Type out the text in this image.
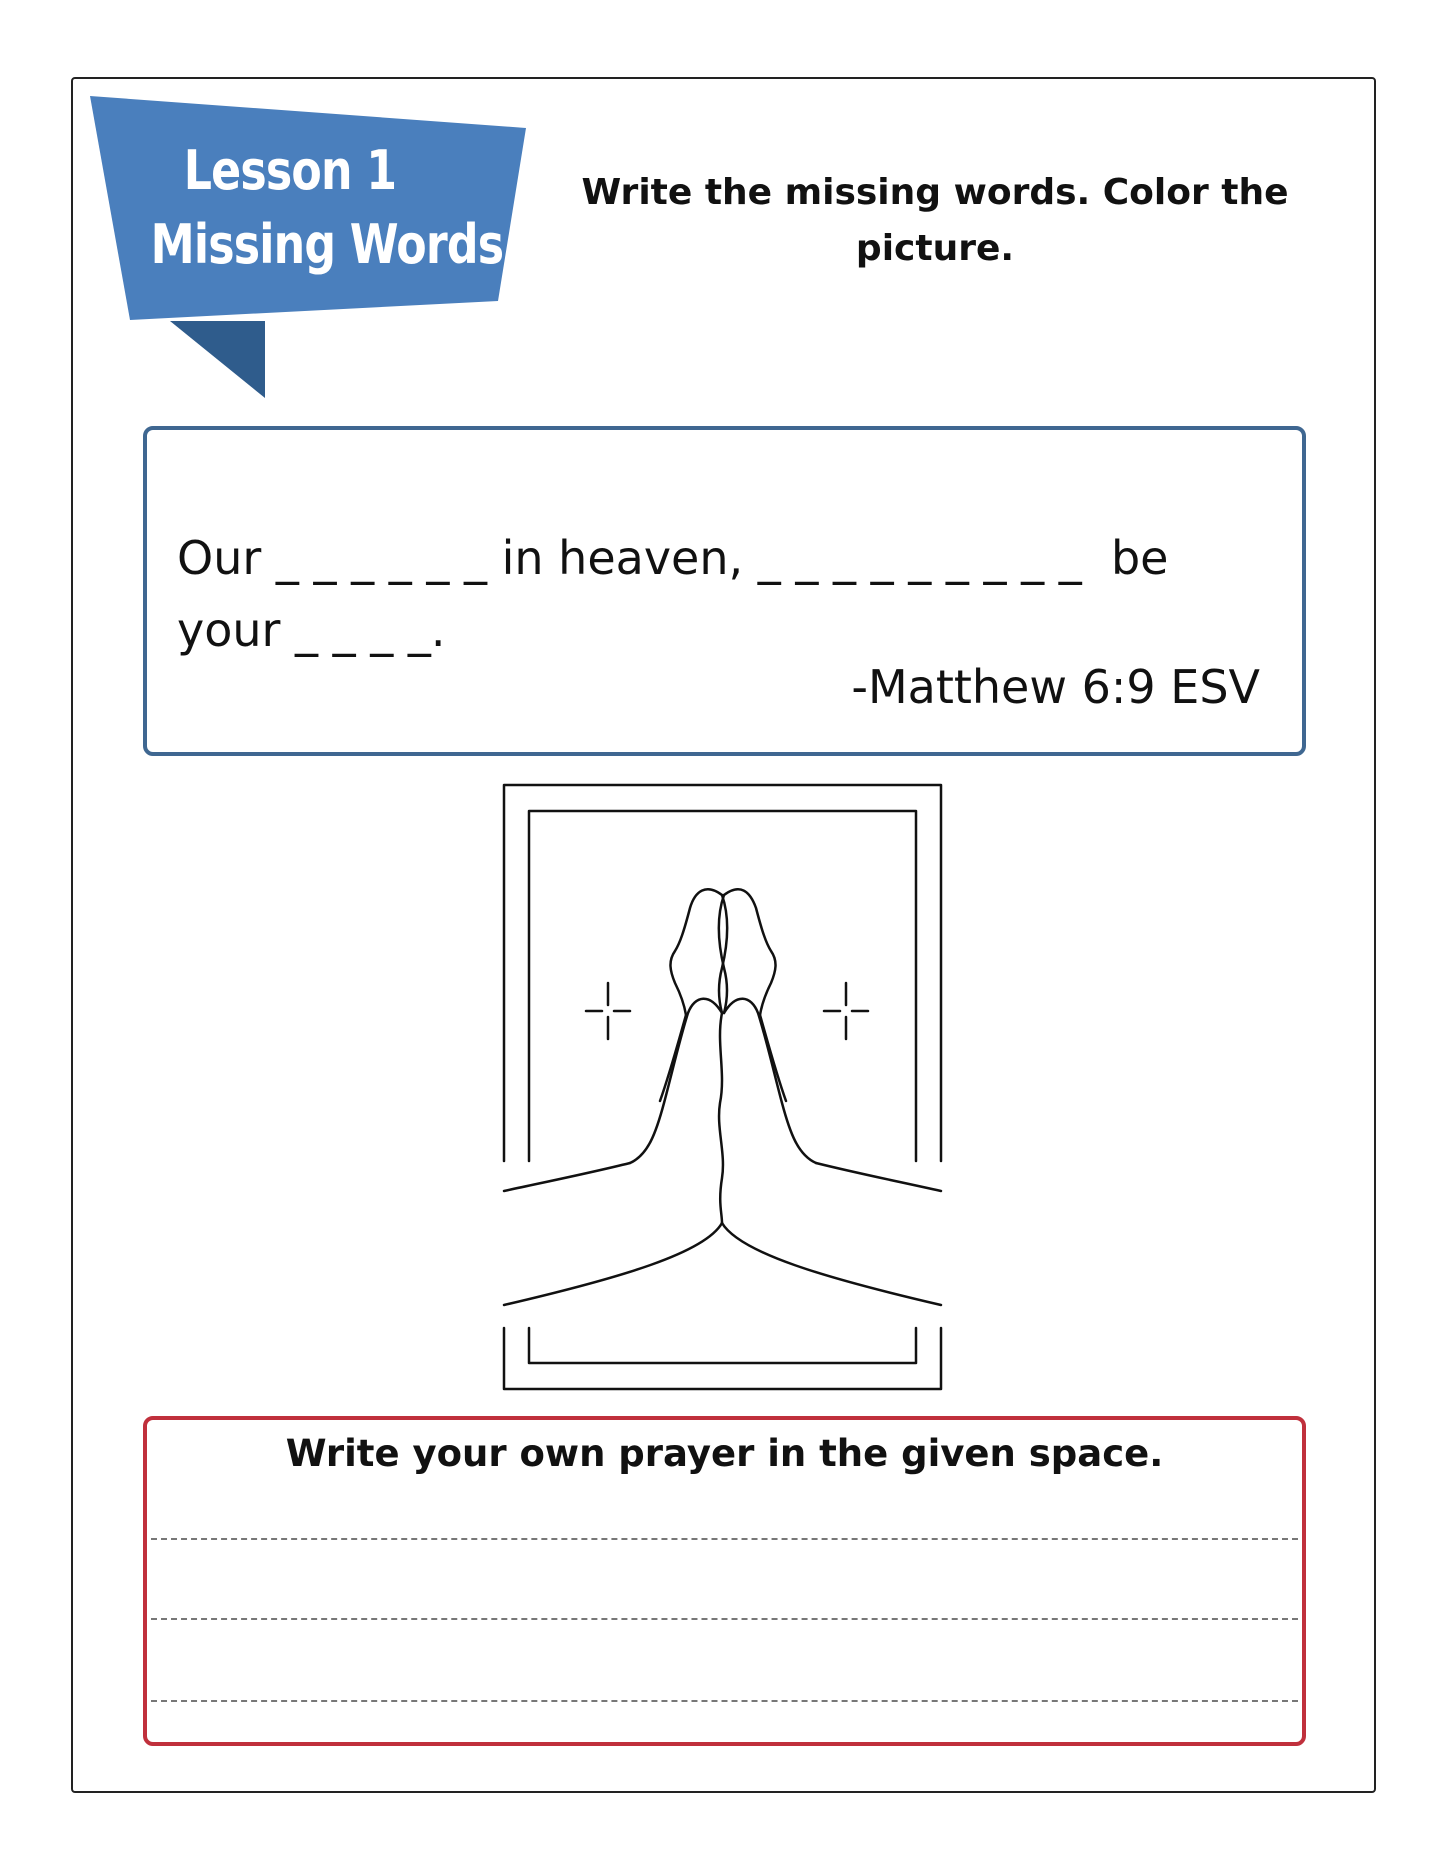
Lesson 1
Missing Words
Write the missing words. Color the picture.
Our _ _ _ _ _ _ in heaven, _ _ _ _ _ _ _ _ _  be
your _ _ _ _.
-Matthew 6:9 ESV
Write your own prayer in the given space.
